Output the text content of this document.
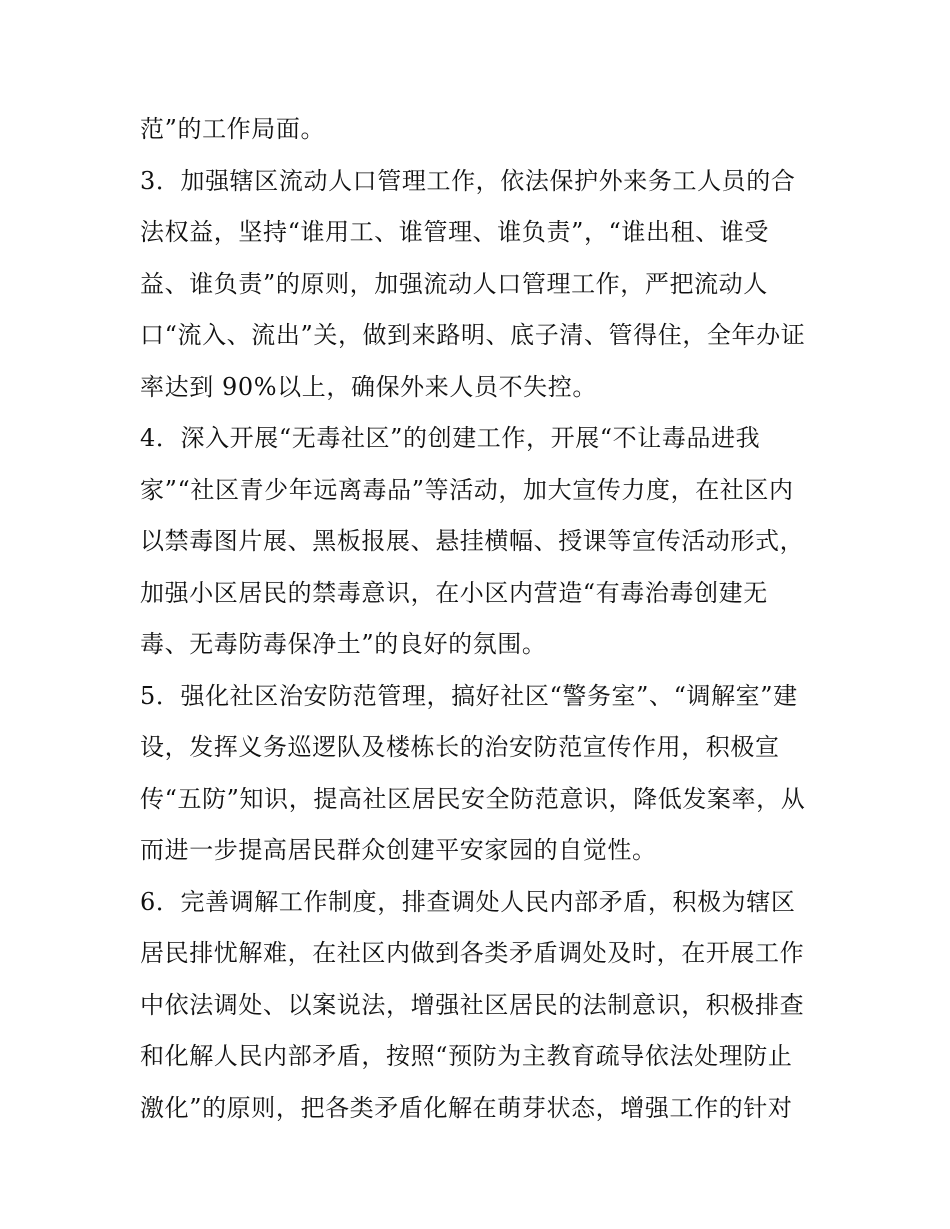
范”的工作局面。
3．加强辖区流动人口管理工作，依法保护外来务工人员的合
法权益，坚持“谁用工、谁管理、谁负责”，“谁出租、谁受
益、谁负责”的原则，加强流动人口管理工作，严把流动人
口“流入、流出”关，做到来路明、底子清、管得住，全年办证
率达到 90%以上，确保外来人员不失控。
4．深入开展“无毒社区”的创建工作，开展“不让毒品进我
家”“社区青少年远离毒品”等活动，加大宣传力度，在社区内
以禁毒图片展、黑板报展、悬挂横幅、授课等宣传活动形式，
加强小区居民的禁毒意识，在小区内营造“有毒治毒创建无
毒、无毒防毒保净土”的良好的氛围。
5．强化社区治安防范管理，搞好社区“警务室”、“调解室”建
设，发挥义务巡逻队及楼栋长的治安防范宣传作用，积极宣
传“五防”知识，提高社区居民安全防范意识，降低发案率，从
而进一步提高居民群众创建平安家园的自觉性。
6．完善调解工作制度，排查调处人民内部矛盾，积极为辖区
居民排忧解难，在社区内做到各类矛盾调处及时，在开展工作
中依法调处、以案说法，增强社区居民的法制意识，积极排查
和化解人民内部矛盾，按照“预防为主教育疏导依法处理防止
激化”的原则，把各类矛盾化解在萌芽状态，增强工作的针对
